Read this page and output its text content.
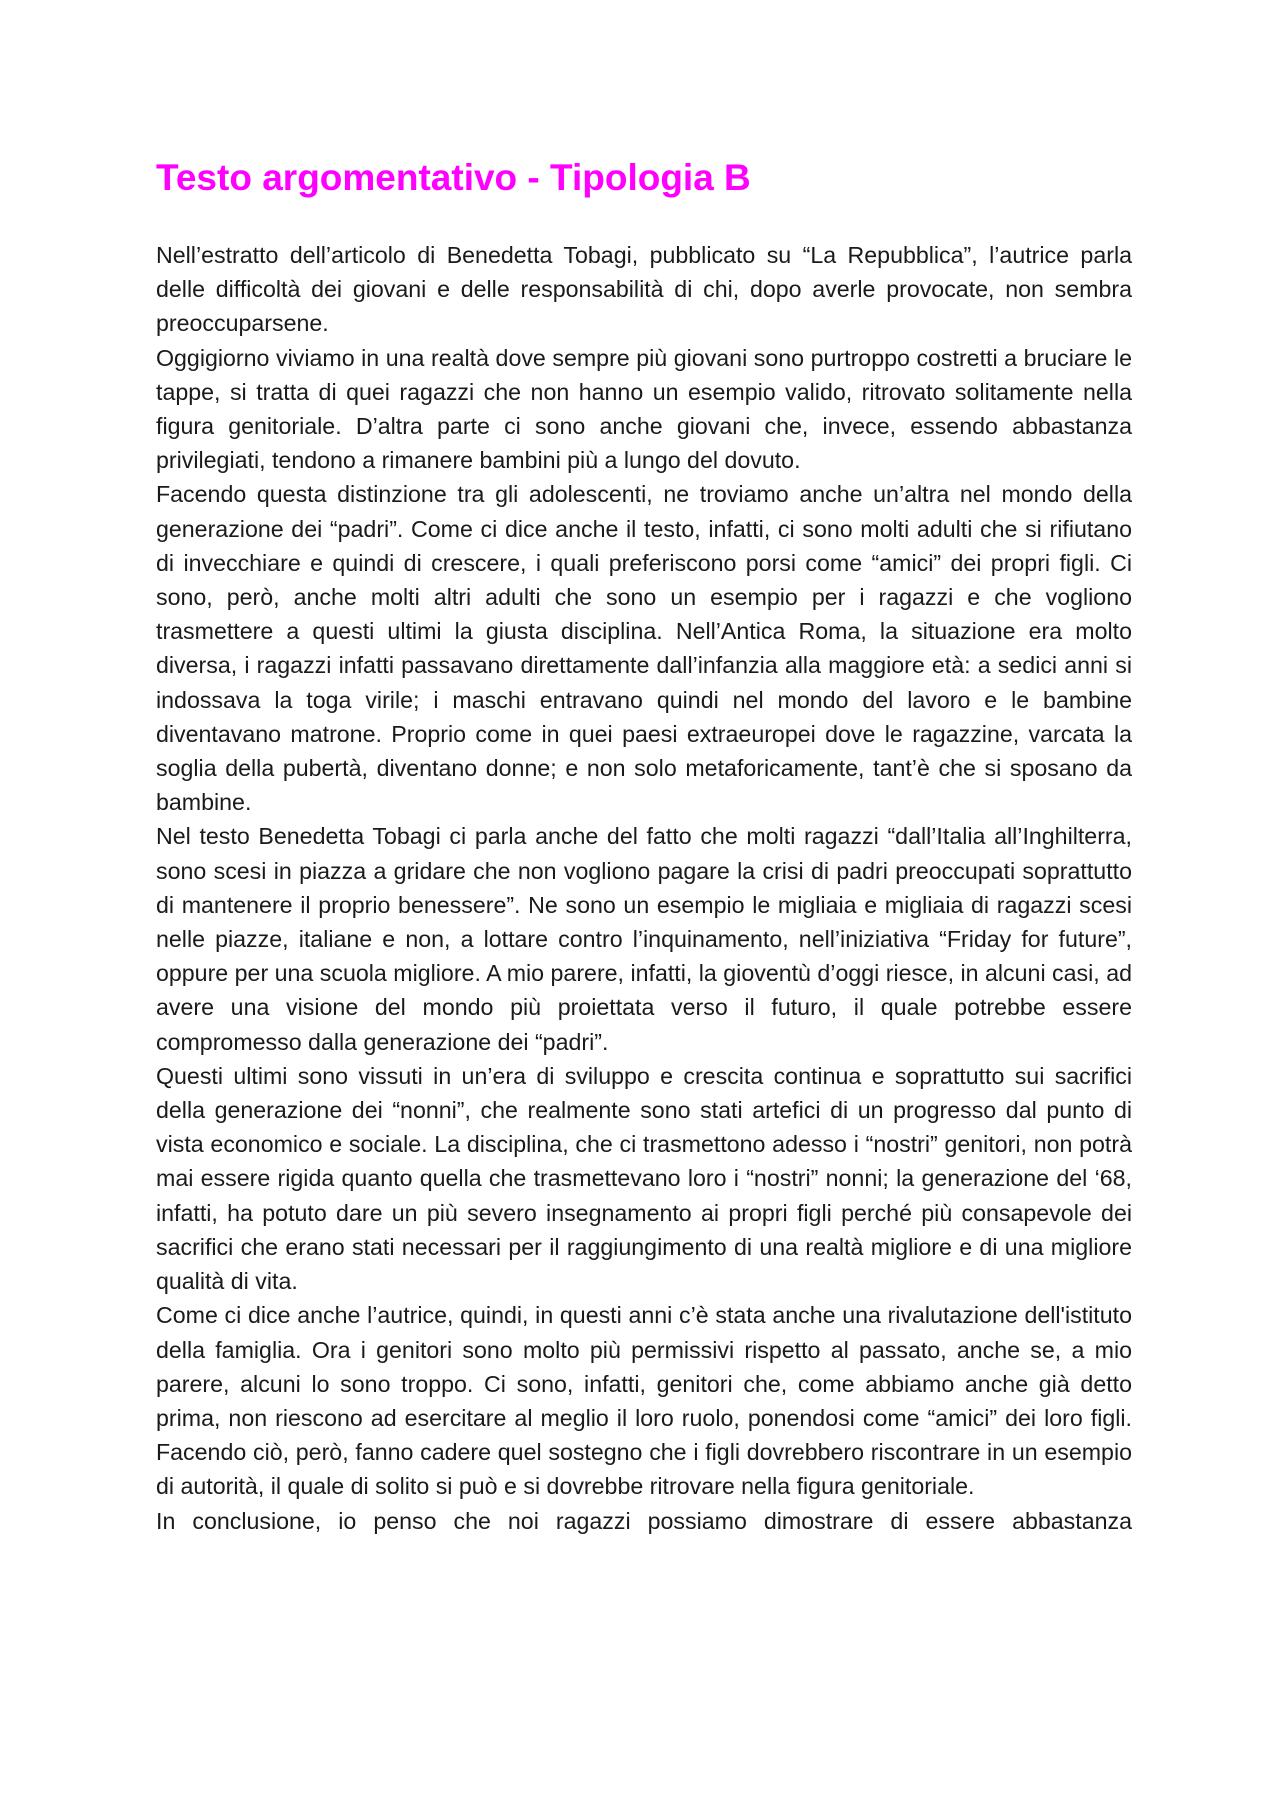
Testo argomentativo - Tipologia B

Nell’estratto dell’articolo di Benedetta Tobagi, pubblicato su “La Repubblica”, l’autrice parla delle difficoltà dei giovani e delle responsabilità di chi, dopo averle provocate, non sembra preoccuparsene.

Oggigiorno viviamo in una realtà dove sempre più giovani sono purtroppo costretti a bruciare le tappe, si tratta di quei ragazzi che non hanno un esempio valido, ritrovato solitamente nella figura genitoriale. D’altra parte ci sono anche giovani che, invece, essendo abbastanza privilegiati, tendono a rimanere bambini più a lungo del dovuto.

Facendo questa distinzione tra gli adolescenti, ne troviamo anche un’altra nel mondo della generazione dei “padri”. Come ci dice anche il testo, infatti, ci sono molti adulti che si rifiutano di invecchiare e quindi di crescere, i quali preferiscono porsi come “amici” dei propri figli. Ci sono, però, anche molti altri adulti che sono un esempio per i ragazzi e che vogliono trasmettere a questi ultimi la giusta disciplina. Nell’Antica Roma, la situazione era molto diversa, i ragazzi infatti passavano direttamente dall’infanzia alla maggiore età: a sedici anni si indossava la toga virile; i maschi entravano quindi nel mondo del lavoro e le bambine diventavano matrone. Proprio come in quei paesi extraeuropei dove le ragazzine, varcata la soglia della pubertà, diventano donne; e non solo metaforicamente, tant’è che si sposano da bambine.

Nel testo Benedetta Tobagi ci parla anche del fatto che molti ragazzi “dall’Italia all’Inghilterra, sono scesi in piazza a gridare che non vogliono pagare la crisi di padri preoccupati soprattutto di mantenere il proprio benessere”. Ne sono un esempio le migliaia e migliaia di ragazzi scesi nelle piazze, italiane e non, a lottare contro l’inquinamento, nell’iniziativa “Friday for future”, oppure per una scuola migliore. A mio parere, infatti, la gioventù d’oggi riesce, in alcuni casi, ad avere una visione del mondo più proiettata verso il futuro, il quale potrebbe essere compromesso dalla generazione dei “padri”.

Questi ultimi sono vissuti in un’era di sviluppo e crescita continua e soprattutto sui sacrifici della generazione dei “nonni”, che realmente sono stati artefici di un progresso dal punto di vista economico e sociale. La disciplina, che ci trasmettono adesso i “nostri” genitori, non potrà mai essere rigida quanto quella che trasmettevano loro i “nostri” nonni; la generazione del ‘68, infatti, ha potuto dare un più severo insegnamento ai propri figli perché più consapevole dei sacrifici che erano stati necessari per il raggiungimento di una realtà migliore e di una migliore qualità di vita.

Come ci dice anche l’autrice, quindi, in questi anni c’è stata anche una rivalutazione dell'istituto della famiglia. Ora i genitori sono molto più permissivi rispetto al passato, anche se, a mio parere, alcuni lo sono troppo. Ci sono, infatti, genitori che, come abbiamo anche già detto prima, non riescono ad esercitare al meglio il loro ruolo, ponendosi come “amici” dei loro figli. Facendo ciò, però, fanno cadere quel sostegno che i figli dovrebbero riscontrare in un esempio di autorità, il quale di solito si può e si dovrebbe ritrovare nella figura genitoriale.

In conclusione, io penso che noi ragazzi possiamo dimostrare di essere abbastanza
